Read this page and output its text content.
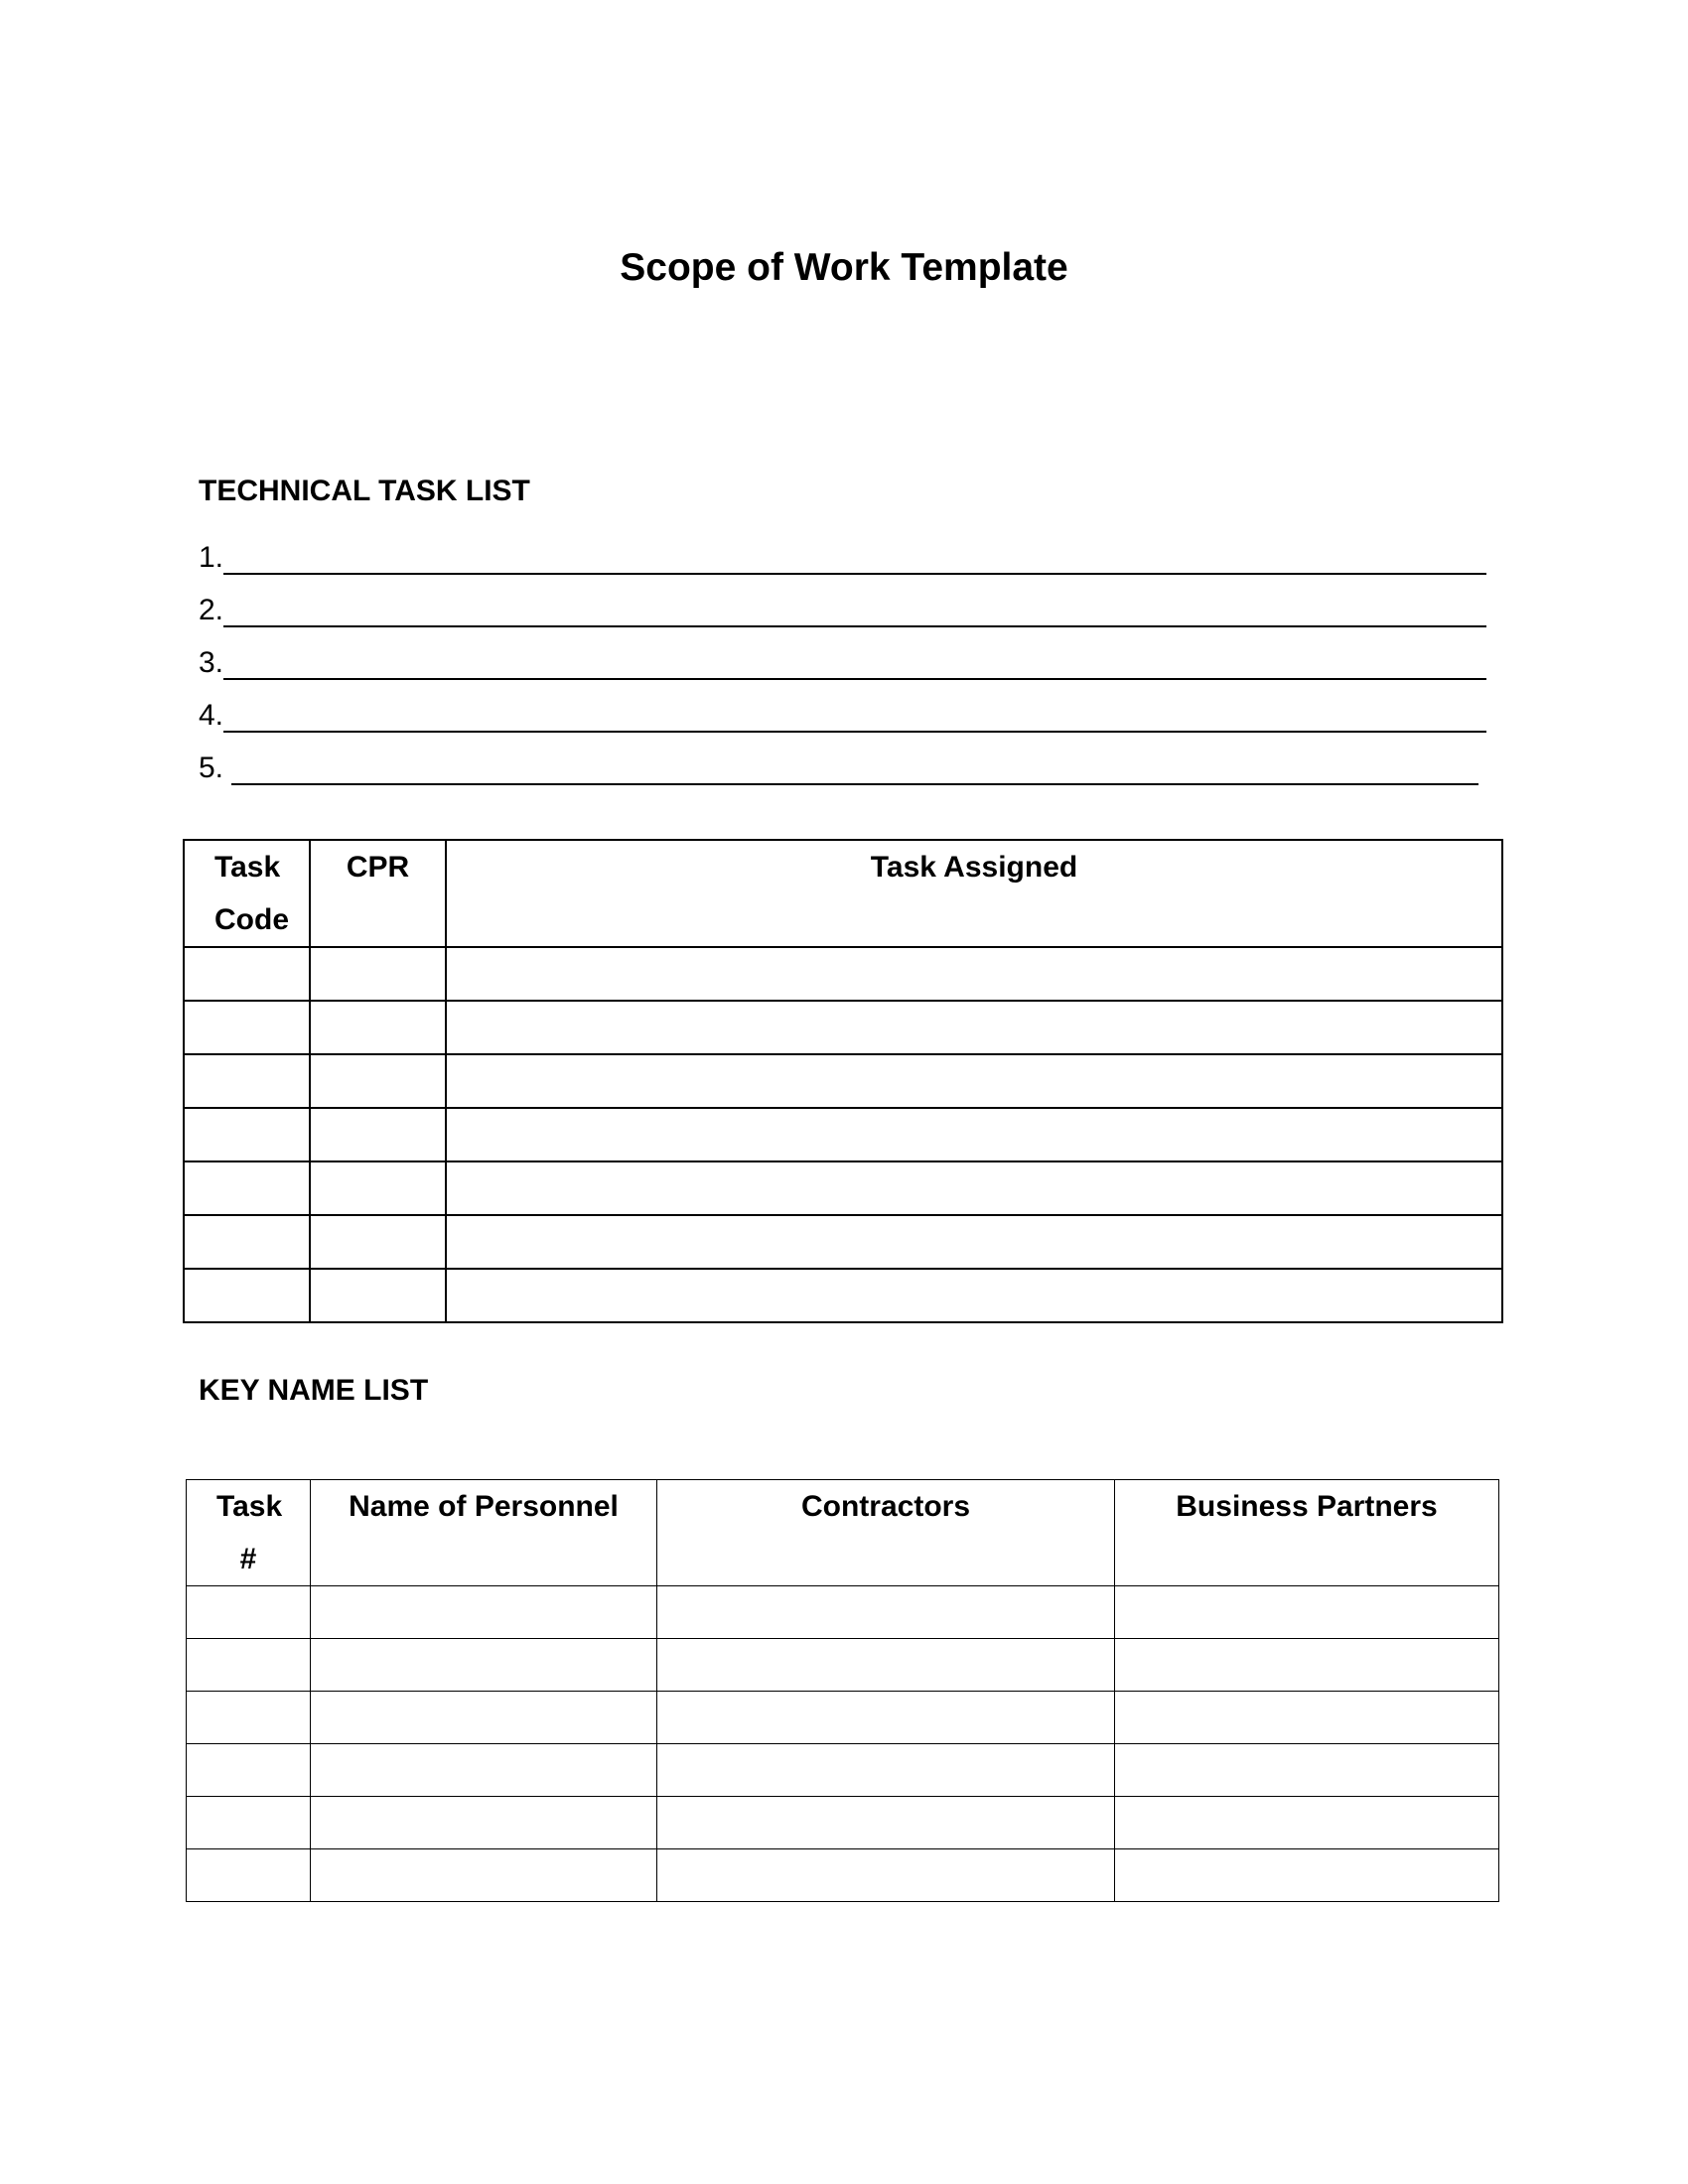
Scope of Work Template
TECHNICAL TASK LIST
1.
2.
3.
4.
5.
Task Code	CPR	Task Assigned

KEY NAME LIST
Task #	Name of Personnel	Contractors	Business Partners
